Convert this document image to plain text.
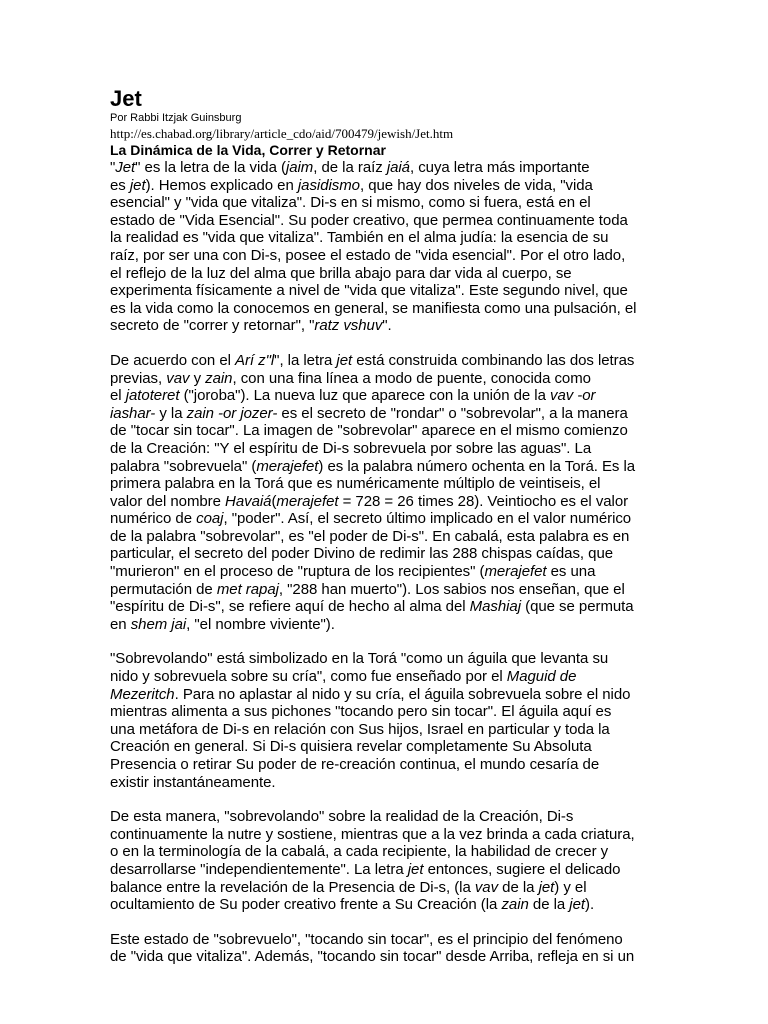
Jet

Por Rabbi Itzjak Guinsburg

http://es.chabad.org/library/article_cdo/aid/700479/jewish/Jet.htm

La Dinámica de la Vida, Correr y Retornar

"Jet" es la letra de la vida (jaim, de la raíz jaiá, cuya letra más importante
es jet). Hemos explicado en jasidismo, que hay dos niveles de vida, "vida
esencial" y "vida que vitaliza". Di-s en si mismo, como si fuera, está en el
estado de "Vida Esencial". Su poder creativo, que permea continuamente toda
la realidad es "vida que vitaliza". También en el alma judía: la esencia de su
raíz, por ser una con Di-s, posee el estado de "vida esencial". Por el otro lado,
el reflejo de la luz del alma que brilla abajo para dar vida al cuerpo, se
experimenta físicamente a nivel de "vida que vitaliza". Este segundo nivel, que
es la vida como la conocemos en general, se manifiesta como una pulsación, el
secreto de "correr y retornar", "ratz vshuv".

De acuerdo con el Arí z"l", la letra jet está construida combinando las dos letras
previas, vav y zain, con una fina línea a modo de puente, conocida como
el jatoteret ("joroba"). La nueva luz que aparece con la unión de la vav -or
iashar- y la zain -or jozer- es el secreto de "rondar" o "sobrevolar", a la manera
de "tocar sin tocar". La imagen de "sobrevolar" aparece en el mismo comienzo
de la Creación: "Y el espíritu de Di-s sobrevuela por sobre las aguas". La
palabra "sobrevuela" (merajefet) es la palabra número ochenta en la Torá. Es la
primera palabra en la Torá que es numéricamente múltiplo de veintiseis, el
valor del nombre Havaiá(merajefet = 728 = 26 times 28). Veintiocho es el valor
numérico de coaj, "poder". Así, el secreto último implicado en el valor numérico
de la palabra "sobrevolar", es "el poder de Di-s". En cabalá, esta palabra es en
particular, el secreto del poder Divino de redimir las 288 chispas caídas, que
"murieron" en el proceso de "ruptura de los recipientes" (merajefet es una
permutación de met rapaj, "288 han muerto"). Los sabios nos enseñan, que el
"espíritu de Di-s", se refiere aquí de hecho al alma del Mashiaj (que se permuta
en shem jai, "el nombre viviente").

"Sobrevolando" está simbolizado en la Torá "como un águila que levanta su
nido y sobrevuela sobre su cría", como fue enseñado por el Maguid de
Mezeritch. Para no aplastar al nido y su cría, el águila sobrevuela sobre el nido
mientras alimenta a sus pichones "tocando pero sin tocar". El águila aquí es
una metáfora de Di-s en relación con Sus hijos, Israel en particular y toda la
Creación en general. Si Di-s quisiera revelar completamente Su Absoluta
Presencia o retirar Su poder de re-creación continua, el mundo cesaría de
existir instantáneamente.

De esta manera, "sobrevolando" sobre la realidad de la Creación, Di-s
continuamente la nutre y sostiene, mientras que a la vez brinda a cada criatura,
o en la terminología de la cabalá, a cada recipiente, la habilidad de crecer y
desarrollarse "independientemente". La letra jet entonces, sugiere el delicado
balance entre la revelación de la Presencia de Di-s, (la vav de la jet) y el
ocultamiento de Su poder creativo frente a Su Creación (la zain de la jet).

Este estado de "sobrevuelo", "tocando sin tocar", es el principio del fenómeno
de "vida que vitaliza". Además, "tocando sin tocar" desde Arriba, refleja en si un
